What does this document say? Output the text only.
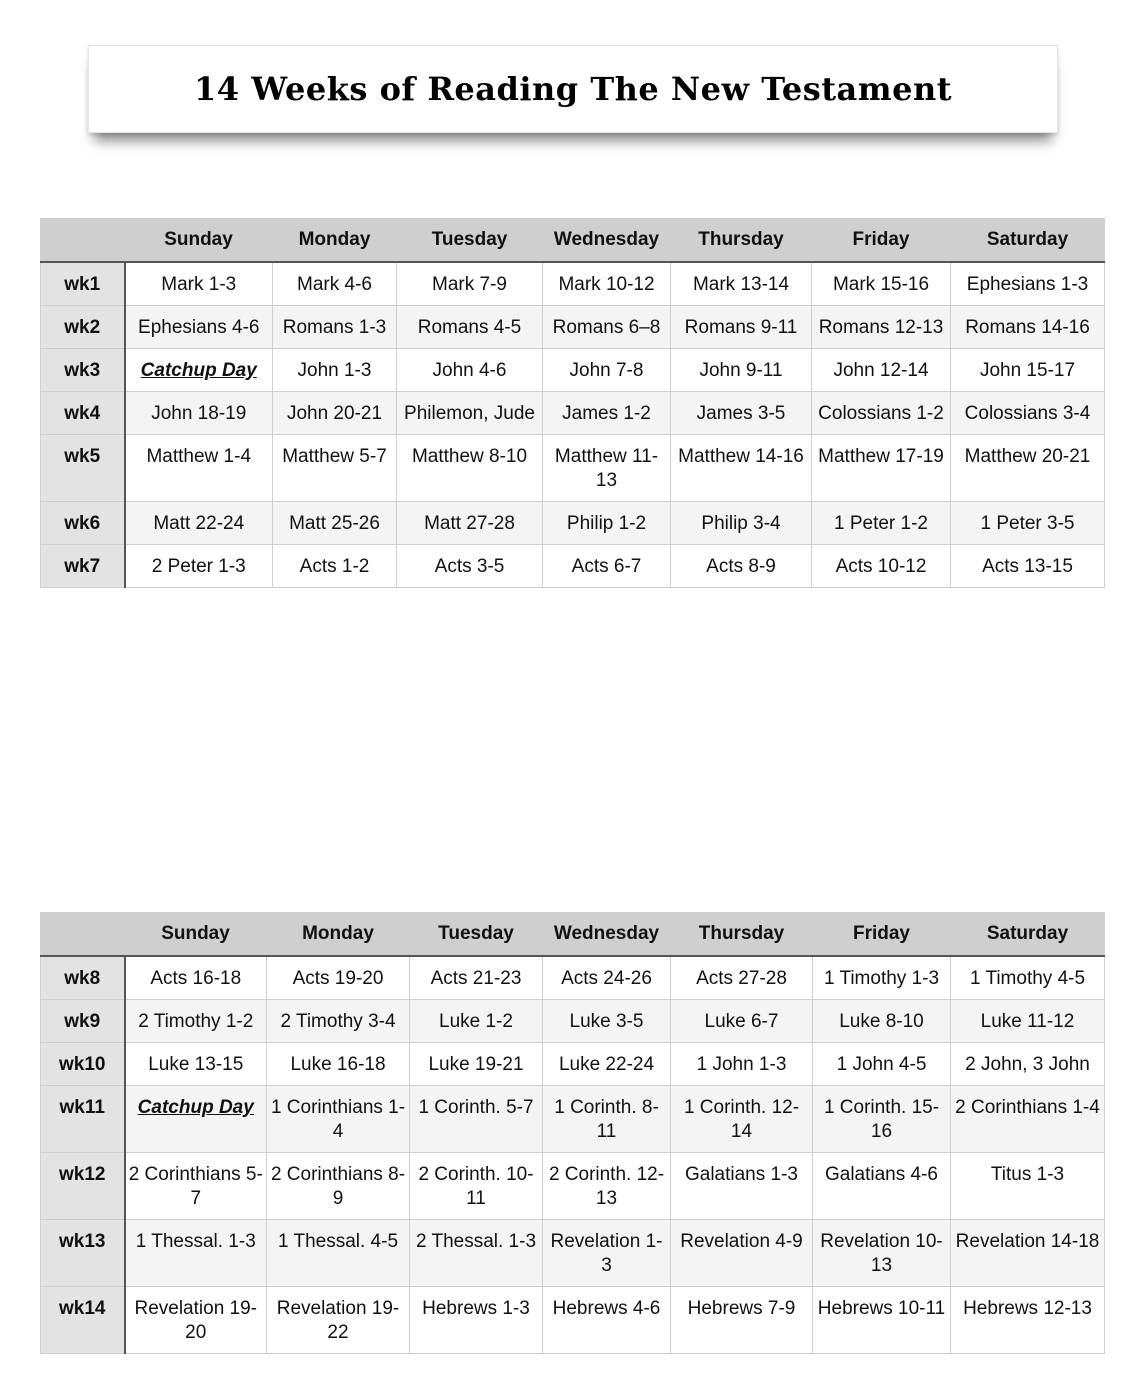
14 Weeks of Reading The New Testament
	Sunday	Monday	Tuesday	Wednesday	Thursday	Friday	Saturday
wk1	Mark 1-3	Mark 4-6	Mark 7-9	Mark 10-12	Mark 13-14	Mark 15-16	Ephesians 1-3
wk2	Ephesians 4-6	Romans 1-3	Romans 4-5	Romans 6–8	Romans 9-11	Romans 12-13	Romans 14-16
wk3	Catchup Day	John 1-3	John 4-6	John 7-8	John 9-11	John 12-14	John 15-17
wk4	John 18-19	John 20-21	Philemon, Jude	James 1-2	James 3-5	Colossians 1-2	Colossians 3-4
wk5	Matthew 1-4	Matthew 5-7	Matthew 8-10	Matthew 11-13	Matthew 14-16	Matthew 17-19	Matthew 20-21
wk6	Matt 22-24	Matt 25-26	Matt 27-28	Philip 1-2	Philip 3-4	1 Peter 1-2	1 Peter 3-5
wk7	2 Peter 1-3	Acts 1-2	Acts 3-5	Acts 6-7	Acts 8-9	Acts 10-12	Acts 13-15
	Sunday	Monday	Tuesday	Wednesday	Thursday	Friday	Saturday
wk8	Acts 16-18	Acts 19-20	Acts 21-23	Acts 24-26	Acts 27-28	1 Timothy 1-3	1 Timothy 4-5
wk9	2 Timothy 1-2	2 Timothy 3-4	Luke 1-2	Luke 3-5	Luke 6-7	Luke 8-10	Luke 11-12
wk10	Luke 13-15	Luke 16-18	Luke 19-21	Luke 22-24	1 John 1-3	1 John 4-5	2 John, 3 John
wk11	Catchup Day	1 Corinthians 1-4	1 Corinth. 5-7	1 Corinth. 8-11	1 Corinth. 12-14	1 Corinth. 15-16	2 Corinthians 1-4
wk12	2 Corinthians 5-7	2 Corinthians 8-9	2 Corinth. 10-11	2 Corinth. 12-13	Galatians 1-3	Galatians 4-6	Titus 1-3
wk13	1 Thessal. 1-3	1 Thessal. 4-5	2 Thessal. 1-3	Revelation 1-3	Revelation 4-9	Revelation 10-13	Revelation 14-18
wk14	Revelation 19-20	Revelation 19-22	Hebrews 1-3	Hebrews 4-6	Hebrews 7-9	Hebrews 10-11	Hebrews 12-13
